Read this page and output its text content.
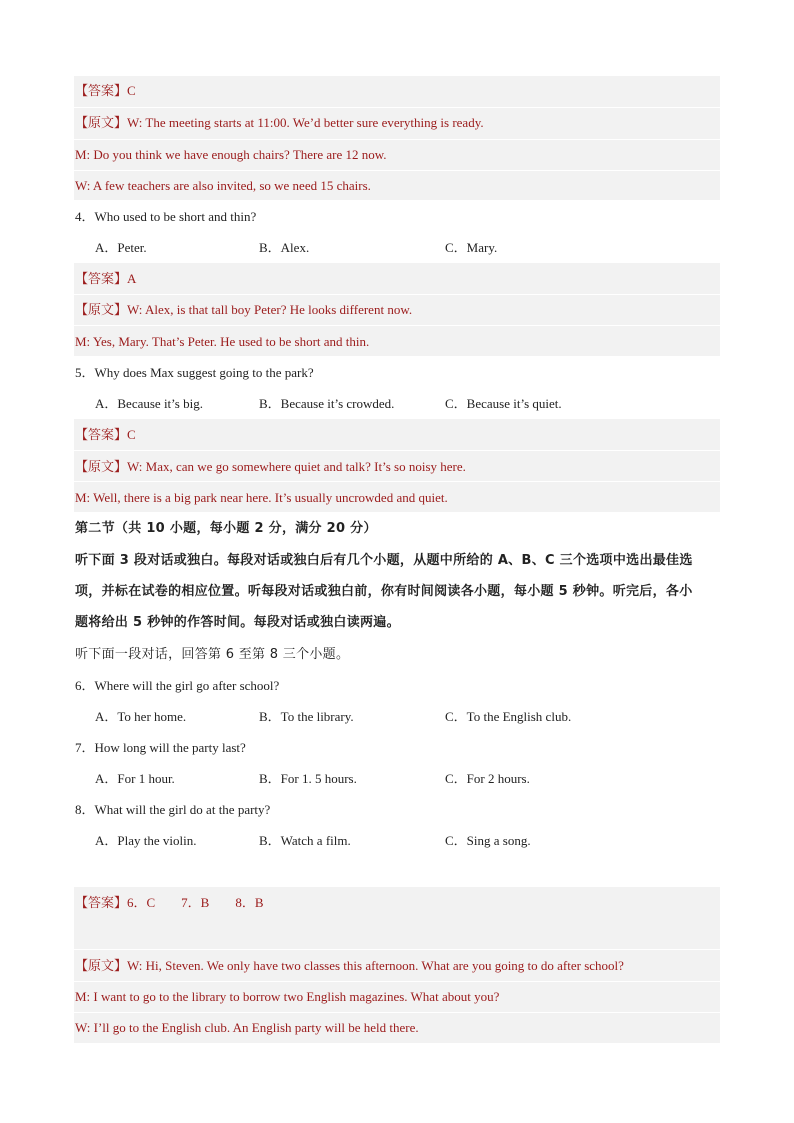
【答案】C
【原文】W: The meeting starts at 11:00. We’d better sure everything is ready.
M: Do you think we have enough chairs? There are 12 now.
W: A few teachers are also invited, so we need 15 chairs.
4．Who used to be short and thin?
A．Peter.	B．Alex.	C．Mary.
【答案】A
【原文】W: Alex, is that tall boy Peter? He looks different now.
M: Yes, Mary. That’s Peter. He used to be short and thin.
5．Why does Max suggest going to the park?
A．Because it’s big.	B．Because it’s crowded.	C．Because it’s quiet.
【答案】C
【原文】W: Max, can we go somewhere quiet and talk? It’s so noisy here.
M: Well, there is a big park near here. It’s usually uncrowded and quiet.
第二节（共 10 小题，每小题 2 分，满分 20 分）
听下面 3 段对话或独白。每段对话或独白后有几个小题，从题中所给的 A、B、C 三个选项中选出最佳选
项，并标在试卷的相应位置。听每段对话或独白前，你有时间阅读各小题，每小题 5 秒钟。听完后，各小
题将给出 5 秒钟的作答时间。每段对话或独白读两遍。
听下面一段对话，回答第 6 至第 8 三个小题。
6．Where will the girl go after school?
A．To her home.	B．To the library.	C．To the English club.
7．How long will the party last?
A．For 1 hour.	B．For 1. 5 hours.	C．For 2 hours.
8．What will the girl do at the party?
A．Play the violin.	B．Watch a film.	C．Sing a song.
【答案】6．C　　7．B　　8．B
【原文】W: Hi, Steven. We only have two classes this afternoon. What are you going to do after school?
M: I want to go to the library to borrow two English magazines. What about you?
W: I’ll go to the English club. An English party will be held there.
